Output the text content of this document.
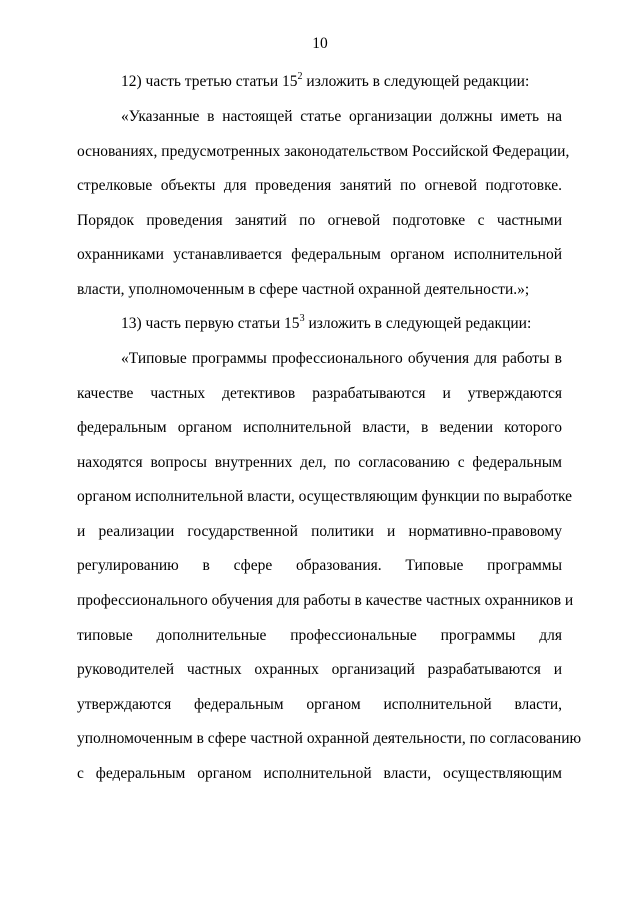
10
12) часть третью статьи $15^2$ изложить в следующей редакции:
«Указанные в настоящей статье организации должны иметь на
основаниях, предусмотренных законодательством Российской Федерации,
стрелковые объекты для проведения занятий по огневой подготовке.
Порядок проведения занятий по огневой подготовке с частными
охранниками устанавливается федеральным органом исполнительной
власти, уполномоченным в сфере частной охранной деятельности.»;
13) часть первую статьи $15^3$ изложить в следующей редакции:
«Типовые программы профессионального обучения для работы в
качестве частных детективов разрабатываются и утверждаются
федеральным органом исполнительной власти, в ведении которого
находятся вопросы внутренних дел, по согласованию с федеральным
органом исполнительной власти, осуществляющим функции по выработке
и реализации государственной политики и нормативно-правовому
регулированию в сфере образования. Типовые программы
профессионального обучения для работы в качестве частных охранников и
типовые дополнительные профессиональные программы для
руководителей частных охранных организаций разрабатываются и
утверждаются федеральным органом исполнительной власти,
уполномоченным в сфере частной охранной деятельности, по согласованию
с федеральным органом исполнительной власти, осуществляющим
